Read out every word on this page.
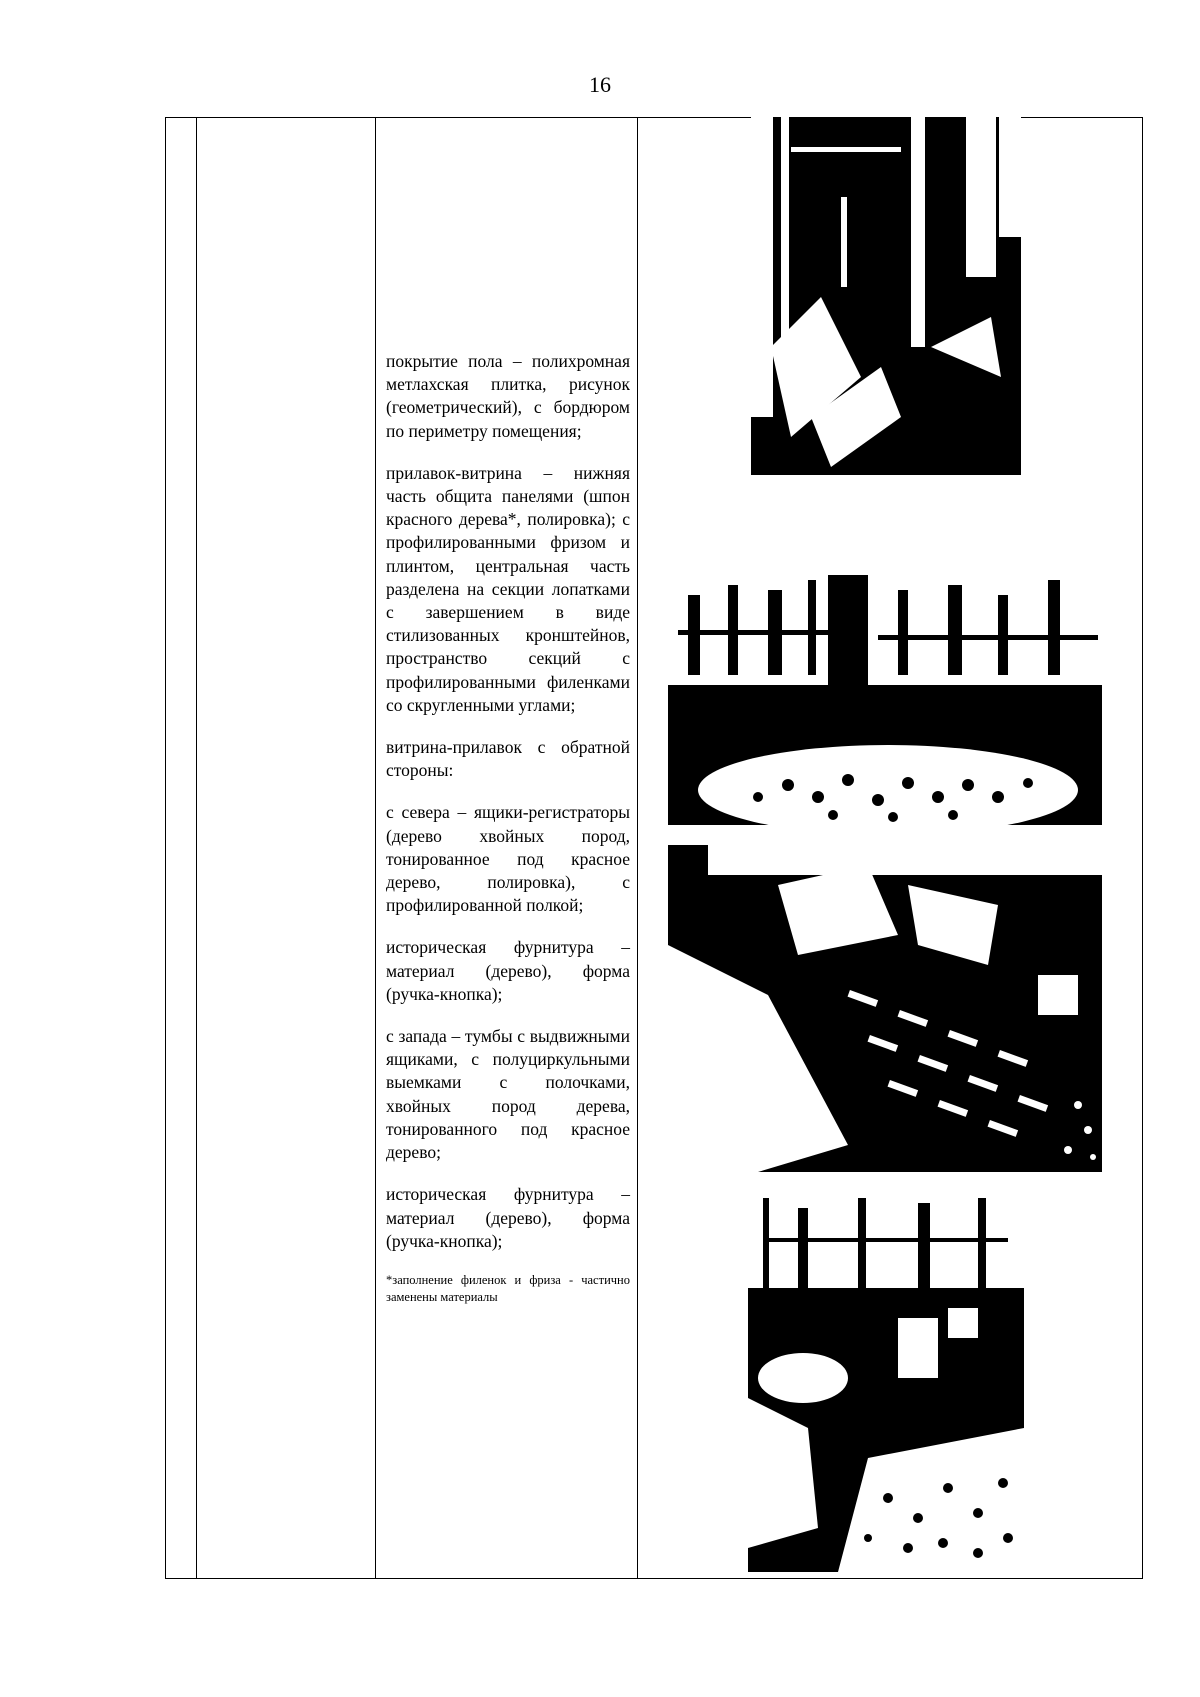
16

покрытие пола – полихромная метлахская плитка, рисунок (геометрический), с бордюром по периметру помещения;

прилавок-витрина – нижняя часть общита панелями (шпон красного дерева*, полировка); с профилированными фризом и плинтом, центральная часть разделена на секции лопатками с завершением в виде стилизованных кронштейнов, пространство секций с профилированными филенками со скругленными углами;

витрина-прилавок с обратной стороны:

с севера – ящики-регистраторы (дерево хвойных пород, тонированное под красное дерево, полировка), с профилированной полкой;

историческая фурнитура – материал (дерево), форма (ручка-кнопка);

с запада – тумбы с выдвижными ящиками, с полуциркульными выемками с полочками, хвойных пород дерева, тонированного под красное дерево;

историческая фурнитура – материал (дерево), форма (ручка-кнопка);

*заполнение филенок и фриза - частично заменены материалы
